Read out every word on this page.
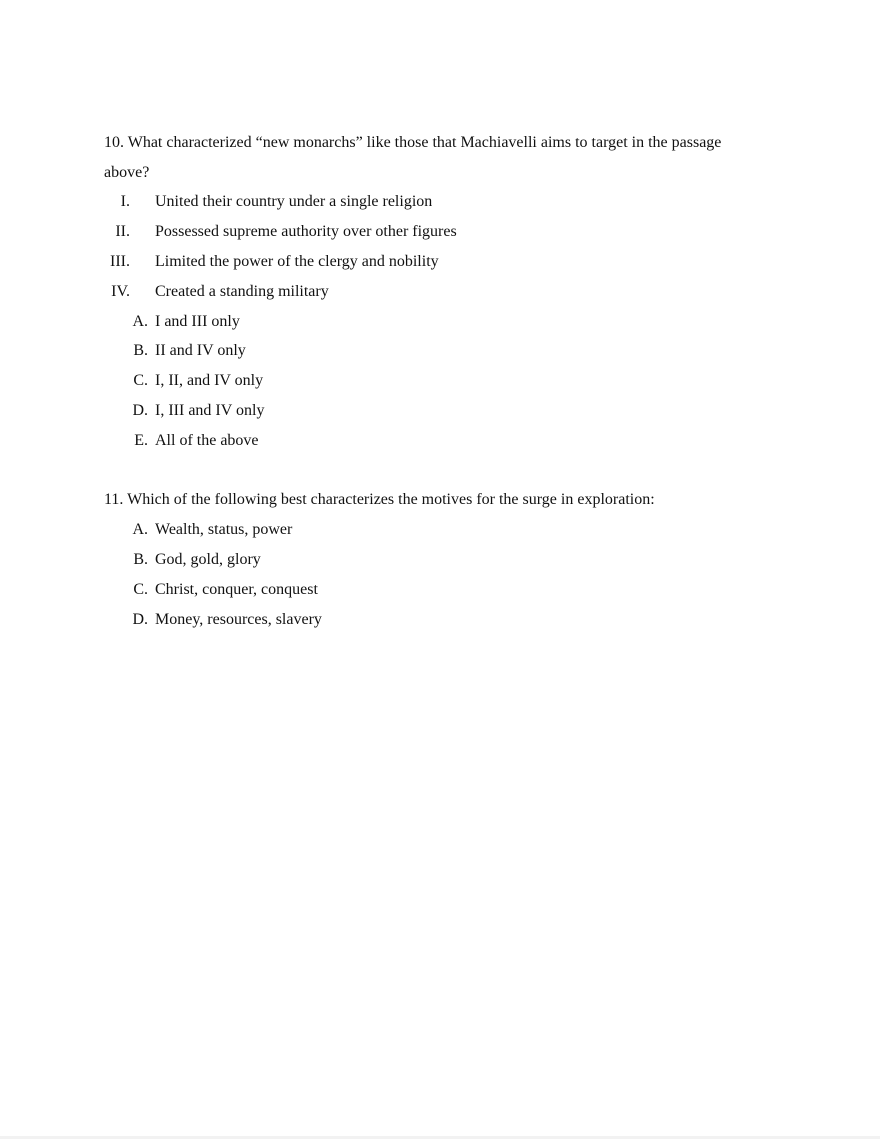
10. What characterized “new monarchs” like those that Machiavelli aims to target in the passage above?

I. United their country under a single religion
II. Possessed supreme authority over other figures
III. Limited the power of the clergy and nobility
IV. Created a standing military
A. I and III only
B. II and IV only
C. I, II, and IV only
D. I, III and IV only
E. All of the above

11. Which of the following best characterizes the motives for the surge in exploration:

A. Wealth, status, power
B. God, gold, glory
C. Christ, conquer, conquest
D. Money, resources, slavery
